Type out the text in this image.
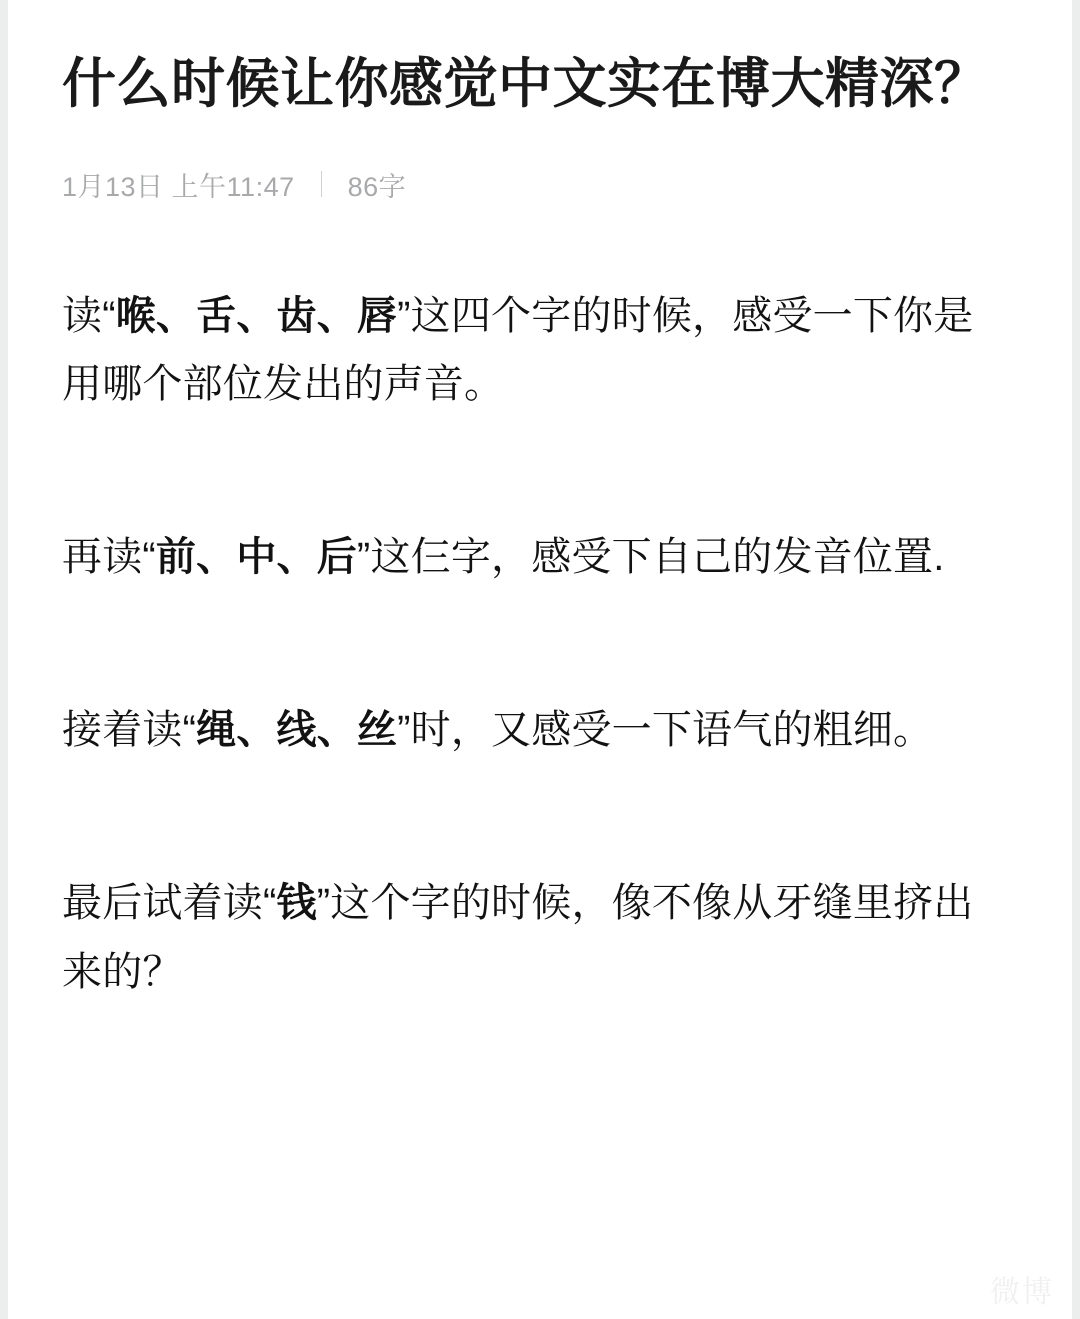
什么时候让你感觉中文实在博大精深？
1月13日 上午11:47 86字

读“喉、舌、齿、唇”这四个字的时候，感受一下你是用哪个部位发出的声音。

再读“前、中、后”这仨字，感受下自己的发音位置.

接着读“绳、线、丝”时，又感受一下语气的粗细。

最后试着读“钱”这个字的时候，像不像从牙缝里挤出来的？

微博
